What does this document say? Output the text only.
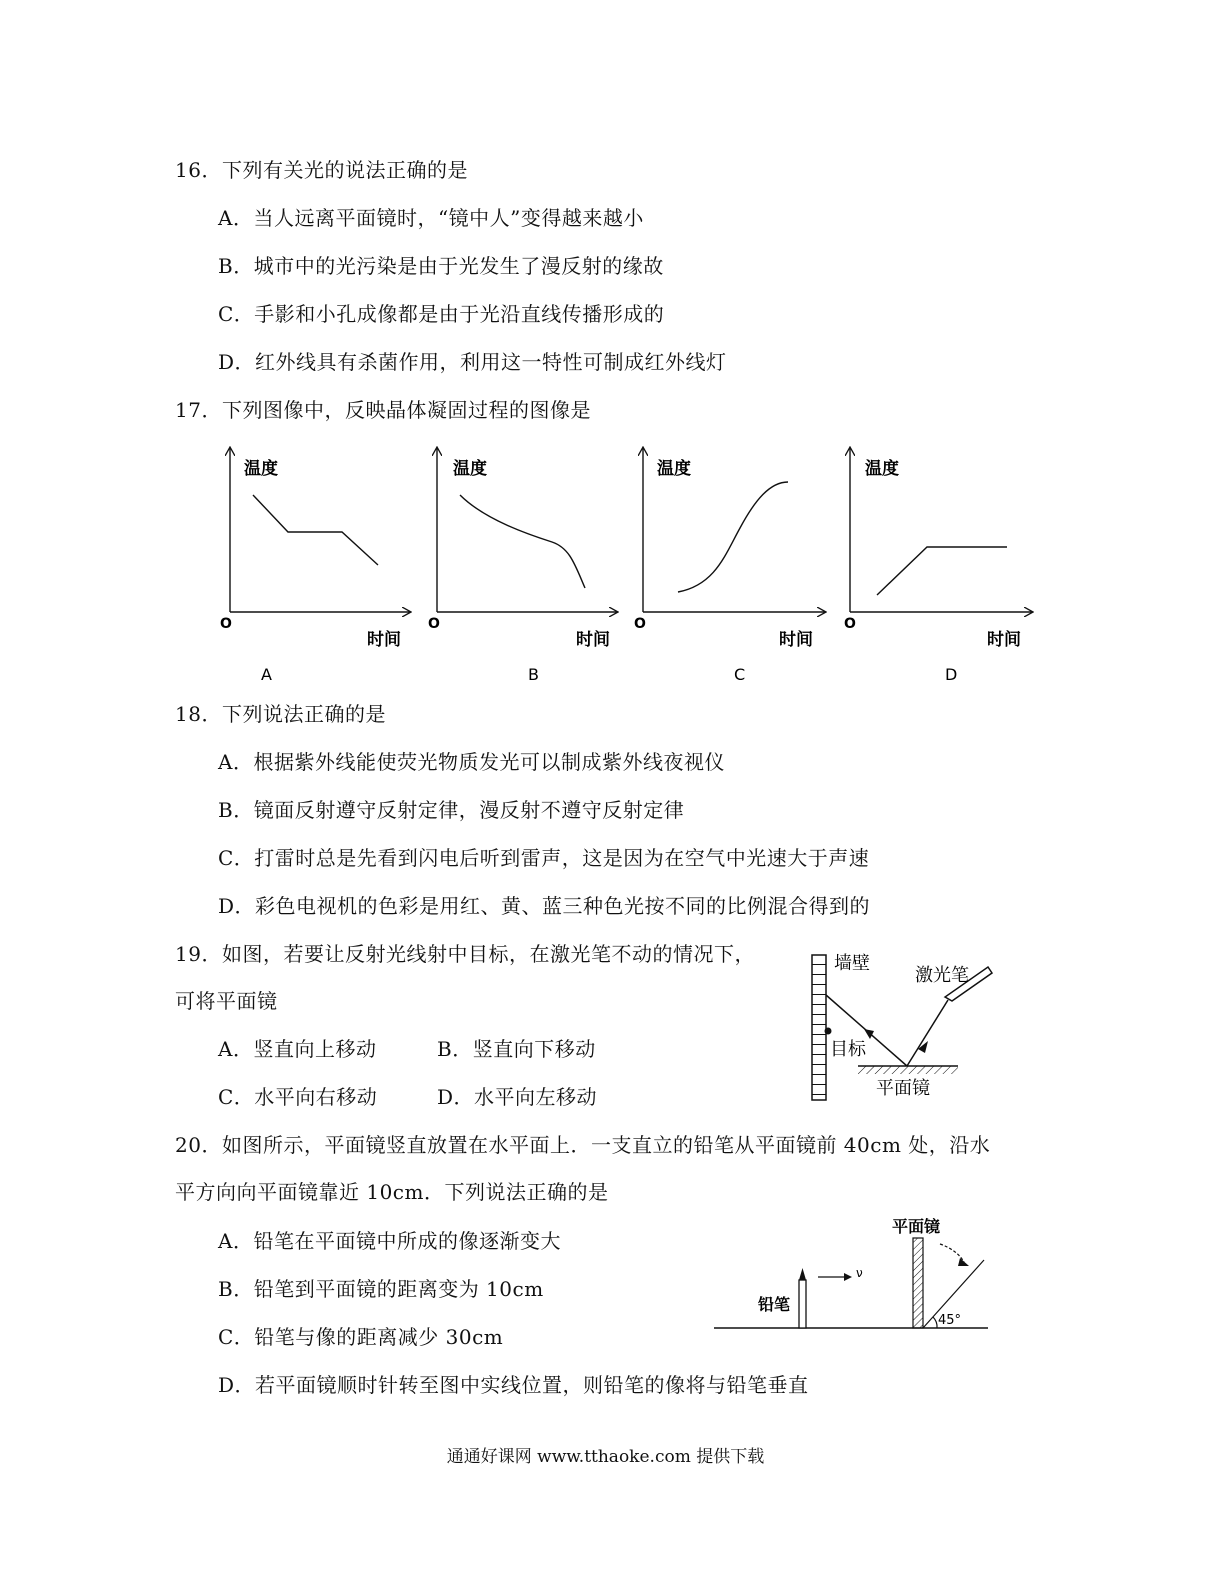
16．下列有关光的说法正确的是
A．当人远离平面镜时，“镜中人”变得越来越小
B．城市中的光污染是由于光发生了漫反射的缘故
C．手影和小孔成像都是由于光沿直线传播形成的
D．红外线具有杀菌作用，利用这一特性可制成红外线灯
17．下列图像中，反映晶体凝固过程的图像是
温度
O
时间
A
温度
O
时间
B
温度
O
时间
C
温度
O
时间
D
18．下列说法正确的是
A．根据紫外线能使荧光物质发光可以制成紫外线夜视仪
B．镜面反射遵守反射定律，漫反射不遵守反射定律
C．打雷时总是先看到闪电后听到雷声，这是因为在空气中光速大于声速
D．彩色电视机的色彩是用红、黄、蓝三种色光按不同的比例混合得到的
19．如图，若要让反射光线射中目标，在激光笔不动的情况下，
可将平面镜
A．竖直向上移动	B．竖直向下移动
C．水平向右移动	D．水平向左移动
墙壁
激光笔
目标
平面镜
20．如图所示，平面镜竖直放置在水平面上．一支直立的铅笔从平面镜前 40cm 处，沿水
平方向向平面镜靠近 10cm．下列说法正确的是
A．铅笔在平面镜中所成的像逐渐变大
B．铅笔到平面镜的距离变为 10cm
C．铅笔与像的距离减少 30cm
D．若平面镜顺时针转至图中实线位置，则铅笔的像将与铅笔垂直
ν
平面镜
铅笔
45°
通通好课网 www.tthaoke.com 提供下载
